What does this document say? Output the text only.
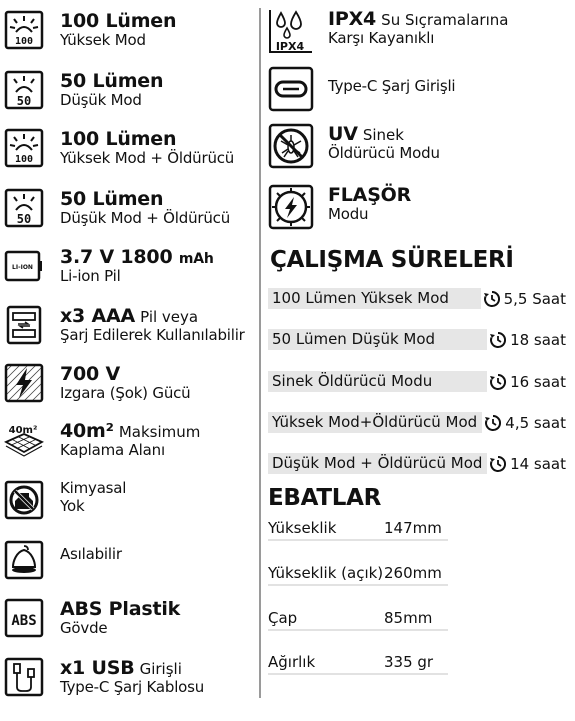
100
100 Lümen
Yüksek Mod
50
50 Lümen
Düşük Mod
100
100 Lümen
Yüksek Mod + Öldürücü
50
50 Lümen
Düşük Mod + Öldürücü
LI-ION 3.7 V 1800 mAh
Li-ion Pil
x3 AAA Pil veya
Şarj Edilerek Kullanılabilir
700 V
Izgara (Şok) Gücü
40m² 40m² Maksimum
Kaplama Alanı
Kimyasal
Yok
Asılabilir
ABS
ABS Plastik
Gövde
x1 USB Girişli
Type-C Şarj Kablosu
IPX4
IPX4 Su Sıçramalarına
Karşı Kayanıklı
Type-C Şarj Girişli
UV Sinek
Öldürücü Modu
FLAŞÖR
Modu
ÇALIŞMA SÜRELERİ
100 Lümen Yüksek Mod	5,5 Saat
50 Lümen Düşük Mod	18 saat
Sinek Öldürücü Modu	16 saat
Yüksek Mod+Öldürücü Mod	4,5 saat
Düşük Mod + Öldürücü Mod	14 saat
EBATLAR
Yükseklik	147mm
Yükseklik (açık) 260mm
Çap	85mm
Ağırlık	335 gr
